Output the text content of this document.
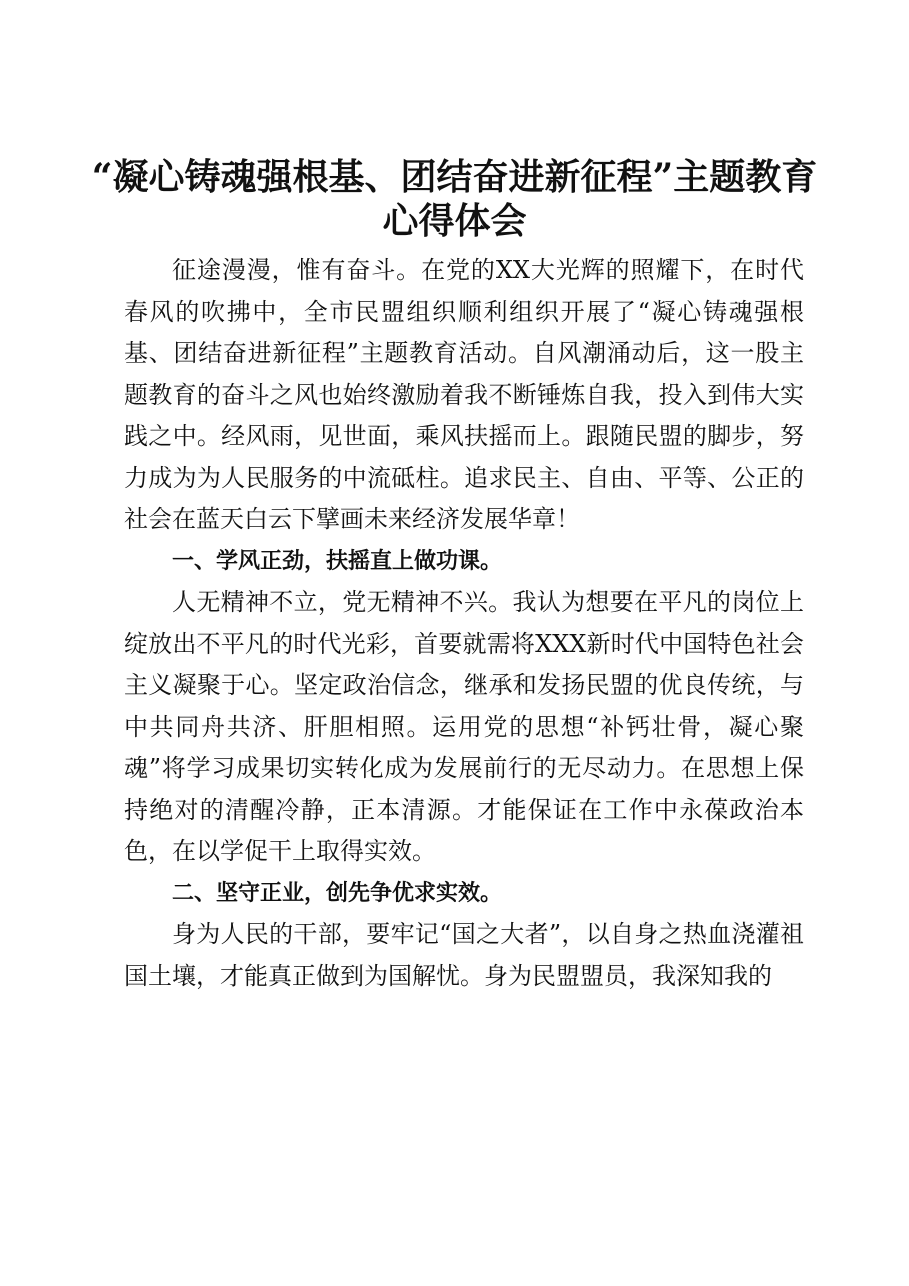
“凝心铸魂强根基、团结奋进新征程”主题教育
心得体会

征途漫漫，惟有奋斗。在党的XX大光辉的照耀下，在时代春风的吹拂中，全市民盟组织顺利组织开展了“凝心铸魂强根基、团结奋进新征程”主题教育活动。自风潮涌动后，这一股主题教育的奋斗之风也始终激励着我不断锤炼自我，投入到伟大实践之中。经风雨，见世面，乘风扶摇而上。跟随民盟的脚步，努力成为为人民服务的中流砥柱。追求民主、自由、平等、公正的社会在蓝天白云下擘画未来经济发展华章！

一、学风正劲，扶摇直上做功课。

人无精神不立，党无精神不兴。我认为想要在平凡的岗位上绽放出不平凡的时代光彩，首要就需将XXX新时代中国特色社会主义凝聚于心。坚定政治信念，继承和发扬民盟的优良传统，与中共同舟共济、肝胆相照。运用党的思想“补钙壮骨，凝心聚魂”将学习成果切实转化成为发展前行的无尽动力。在思想上保持绝对的清醒冷静，正本清源。才能保证在工作中永葆政治本色，在以学促干上取得实效。

二、坚守正业，创先争优求实效。

身为人民的干部，要牢记“国之大者”，以自身之热血浇灌祖国土壤，才能真正做到为国解忧。身为民盟盟员，我深知我的
